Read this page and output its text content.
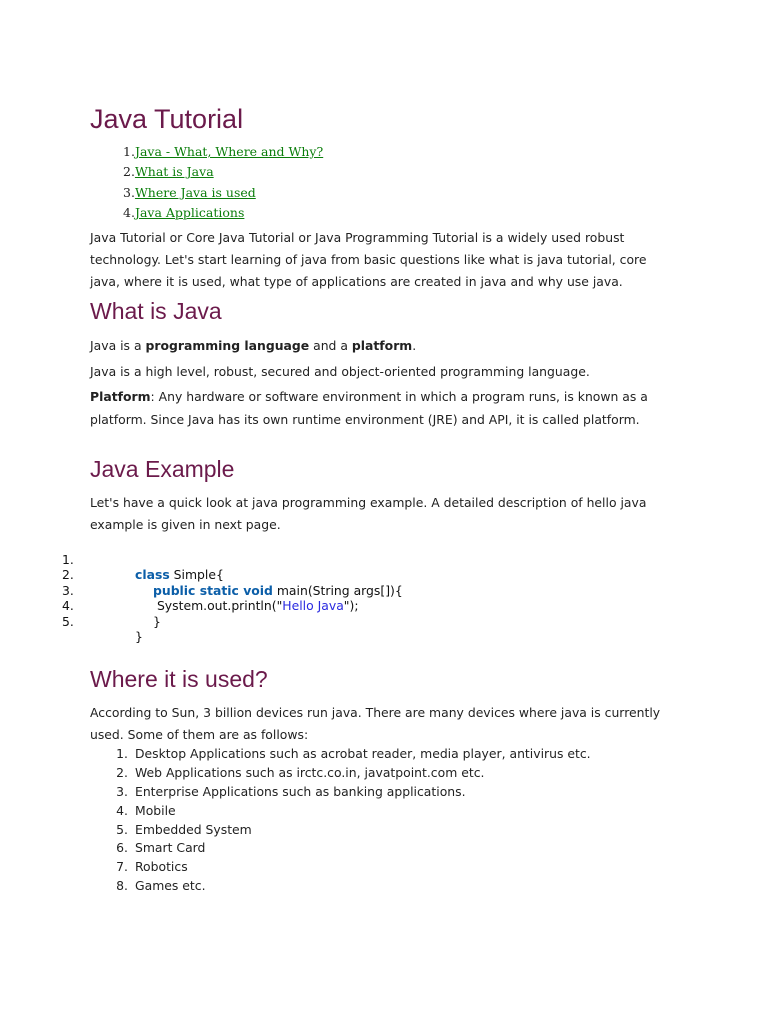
Java Tutorial
1.Java - What, Where and Why?
2.What is Java
3.Where Java is used
4.Java Applications

Java Tutorial or Core Java Tutorial or Java Programming Tutorial is a widely used robust

technology. Let's start learning of java from basic questions like what is java tutorial, core

java, where it is used, what type of applications are created in java and why use java.

What is Java

Java is a programming language and a platform.

Java is a high level, robust, secured and object-oriented programming language.

Platform: Any hardware or software environment in which a program runs, is known as a

platform. Since Java has its own runtime environment (JRE) and API, it is called platform.

Java Example

Let's have a quick look at java programming example. A detailed description of hello java

example is given in next page.

Where it is used?

According to Sun, 3 billion devices run java. There are many devices where java is currently

used. Some of them are as follows:

1. Desktop Applications such as acrobat reader, media player, antivirus etc.
2. Web Applications such as irctc.co.in, javatpoint.com etc.
3. Enterprise Applications such as banking applications.
4. Mobile
5. Embedded System
6. Smart Card
7. Robotics
8. Games etc.

1.

class Simple{

2.

public static void main(String args[]){

3.

System.out.println("Hello Java");

4.

}

5.

}
